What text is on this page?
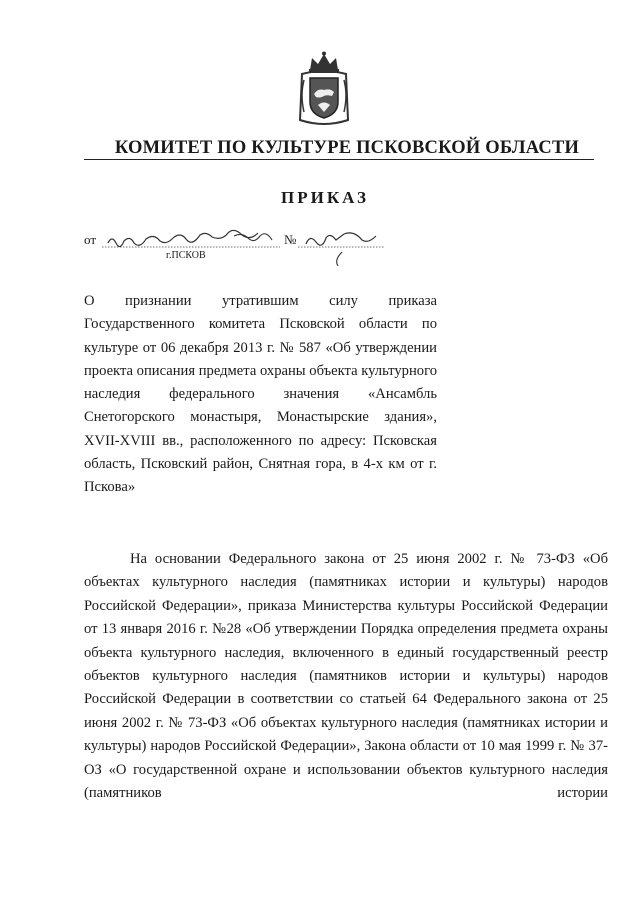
КОМИТЕТ ПО КУЛЬТУРЕ ПСКОВСКОЙ ОБЛАСТИ
ПРИКАЗ
от	№
г.ПСКОВ
О признании утратившим силу приказа Государственного комитета Псковской области по культуре от 06 декабря 2013 г. № 587 «Об утверждении проекта описания предмета охраны объекта культурного наследия федерального значения «Ансамбль Снетогорского монастыря, Монастырские здания», XVII-XVIII вв., расположенного по адресу: Псковская область, Псковский район, Снятная гора, в 4-х км от г. Пскова»

На основании Федерального закона от 25 июня 2002 г. № 73-ФЗ «Об объектах культурного наследия (памятниках истории и культуры) народов Российской Федерации», приказа Министерства культуры Российской Федерации от 13 января 2016 г. №28 «Об утверждении Порядка определения предмета охраны объекта культурного наследия, включенного в единый государственный реестр объектов культурного наследия (памятников истории и культуры) народов Российской Федерации в соответствии со статьей 64 Федерального закона от 25 июня 2002 г. № 73-ФЗ «Об объектах культурного наследия (памятниках истории и культуры) народов Российской Федерации», Закона области от 10 мая 1999 г. № 37-ОЗ «О государственной охране и использовании объектов культурного наследия (памятников истории
